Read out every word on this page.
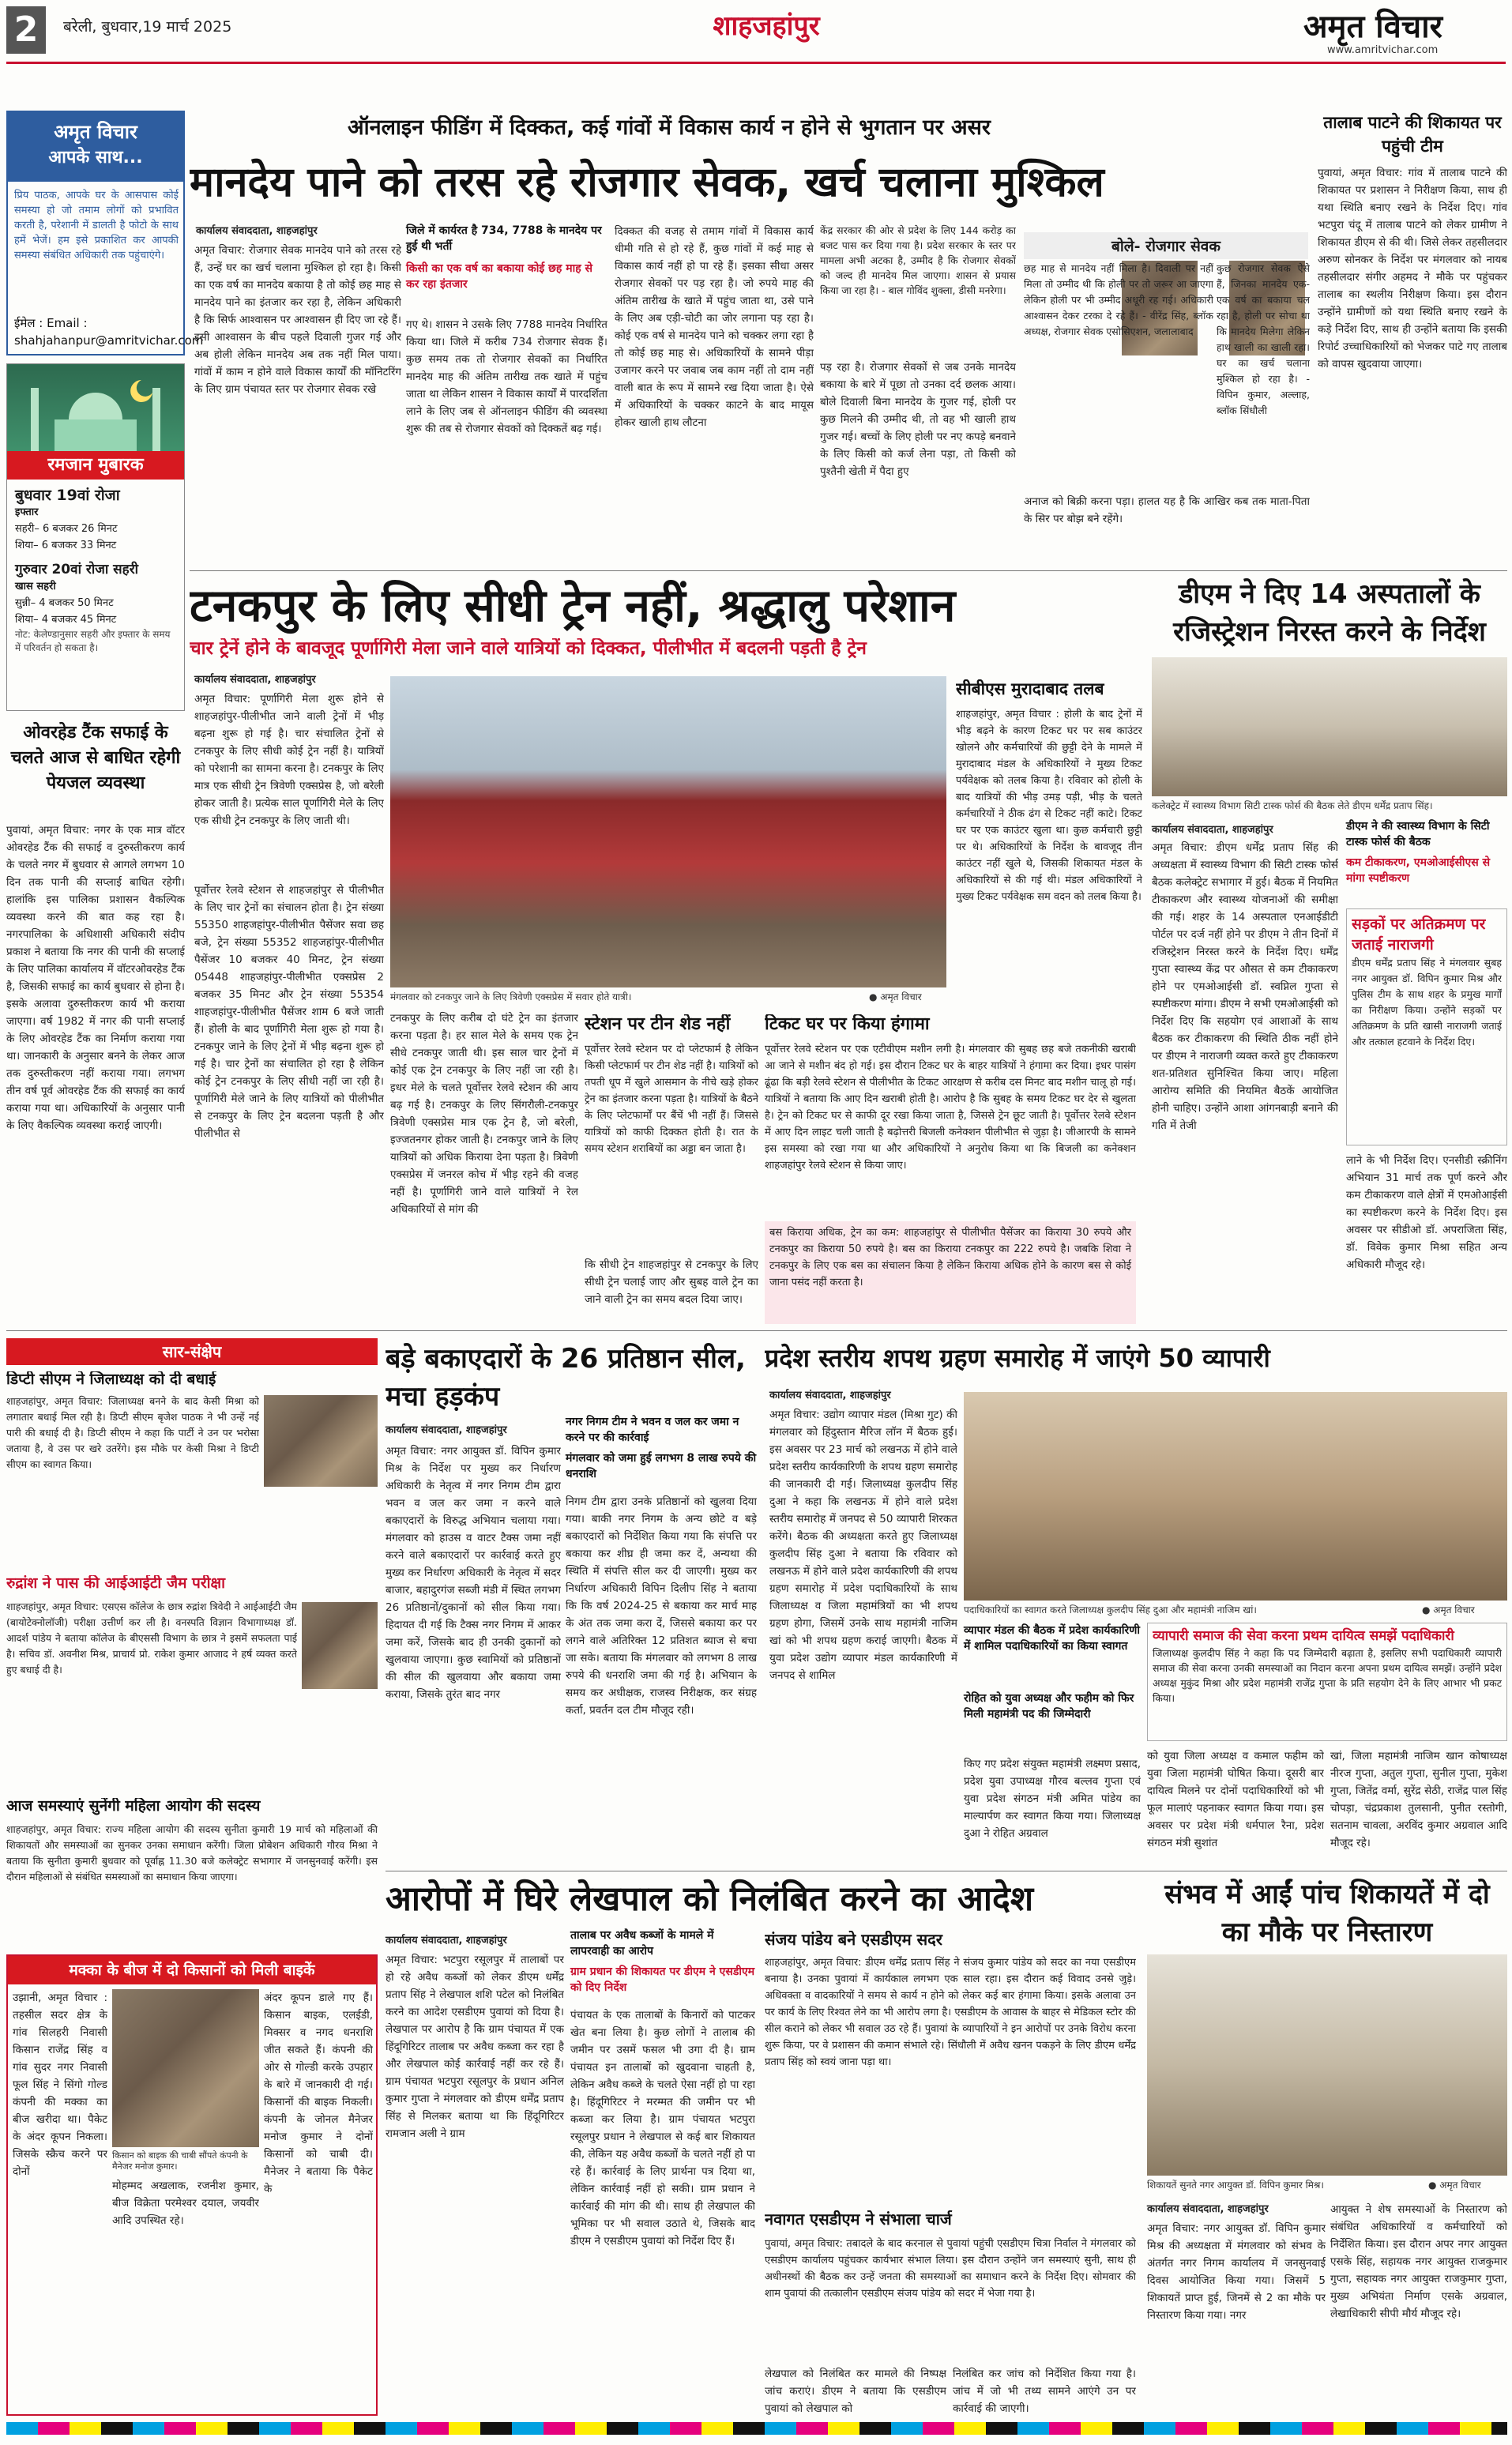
2	बरेली, बुधवार,19 मार्च 2025	शाहजहांपुर	अमृत विचार
www.amritvichar.com
अमृत विचार
आपके साथ...
प्रिय पाठक, आपके घर के आसपास कोई समस्या हो जो तमाम लोगों को प्रभावित करती है, परेशानी में डालती है फोटो के साथ हमें भेजें। हम इसे प्रकाशित कर आपकी समस्या संबंधित अधिकारी तक पहुंचाएंगे।
ईमेल : Email : shahjahanpur@amritvichar.com
रमजान मुबारक
बुधवार 19वां रोजा
इफ्तार
सहरी– 6 बजकर 26 मिनट
शिया– 6 बजकर 33 मिनट
गुरुवार 20वां रोजा सहरी
खास सहरी
सुन्नी– 4 बजकर 50 मिनट
शिया– 4 बजकर 45 मिनट
नोट: केलेण्डानुसार सहरी और इफ्तार के समय में परिवर्तन हो सकता है।
ऑनलाइन फीडिंग में दिक्कत, कई गांवों में विकास कार्य न होने से भुगतान पर असर
मानदेय पाने को तरस रहे रोजगार सेवक, खर्च चलाना मुश्किल
कार्यालय संवाददाता, शाहजहांपुर
अमृत विचार: रोजगार सेवक मानदेय पाने को तरस रहे हैं, उन्हें घर का खर्च चलाना मुश्किल हो रहा है। किसी का एक वर्ष का मानदेय बकाया है तो कोई छह माह से मानदेय पाने का इंतजार कर रहा है, लेकिन अधिकारी है कि सिर्फ आश्वासन पर आश्वासन ही दिए जा रहे हैं। इसी आश्वासन के बीच पहले दिवाली गुजर गई और अब होली लेकिन मानदेय अब तक नहीं मिल पाया। गांवों में काम न होने वाले विकास कार्यों की मॉनिटरिंग के लिए ग्राम पंचायत स्तर पर रोजगार सेवक रखे
जिले में कार्यरत है 734, 7788 के मानदेय पर हुई थी भर्ती
किसी का एक वर्ष का बकाया कोई छह माह से कर रहा इंतजार
गए थे। शासन ने उसके लिए 7788 मानदेय निर्धारित किया था। जिले में करीब 734 रोजगार सेवक हैं। कुछ समय तक तो रोजगार सेवकों का निर्धारित मानदेय माह की अंतिम तारीख तक खाते में पहुंच जाता था लेकिन शासन ने विकास कार्यों में पारदर्शिता लाने के लिए जब से ऑनलाइन फीडिंग की व्यवस्था शुरू की तब से रोजगार सेवकों को दिक्कतें बढ़ गई।
दिक्कत की वजह से तमाम गांवों में विकास कार्य धीमी गति से हो रहे हैं, कुछ गांवों में कई माह से विकास कार्य नहीं हो पा रहे हैं। इसका सीधा असर रोजगार सेवकों पर पड़ रहा है। जो रुपये माह की अंतिम तारीख के खाते में पहुंच जाता था, उसे पाने के लिए अब एड़ी-चोटी का जोर लगाना पड़ रहा है। कोई एक वर्ष से मानदेय पाने को चक्कर लगा रहा है तो कोई छह माह से। अधिकारियों के सामने पीड़ा उजागर करने पर जवाब जब काम नहीं तो दाम नहीं वाली बात के रूप में सामने रख दिया जाता है। ऐसे में अधिकारियों के चक्कर काटने के बाद मायूस होकर खाली हाथ लौटना
केंद्र सरकार की ओर से प्रदेश के लिए 144 करोड़ का बजट पास कर दिया गया है। प्रदेश सरकार के स्तर पर मामला अभी अटका है, उम्मीद है कि रोजगार सेवकों को जल्द ही मानदेय मिल जाएगा। शासन से प्रयास किया जा रहा है। - बाल गोविंद शुक्ला, डीसी मनरेगा।
पड़ रहा है। रोजगार सेवकों से जब उनके मानदेय बकाया के बारे में पूछा तो उनका दर्द छलक आया। बोले दिवाली बिना मानदेय के गुजर गई, होली पर कुछ मिलने की उम्मीद थी, तो वह भी खाली हाथ गुजर गई। बच्चों के लिए होली पर नए कपड़े बनवाने के लिए किसी को कर्ज लेना पड़ा, तो किसी को पुश्तैनी खेती में पैदा हुए
बोले- रोजगार सेवक
छह माह से मानदेय नहीं मिला है। दिवाली पर नहीं मिला तो उम्मीद थी कि होली पर तो जरूर आ जाएगा लेकिन होली पर भी उम्मीद अधूरी रह गई। अधिकारी आश्वासन देकर टरका दे रहे हैं। - वीरेंद्र सिंह, ब्लॉक अध्यक्ष, रोजगार सेवक एसोसिएशन, जलालाबाद
कुछ रोजगार सेवक ऐसे हैं, जिनका मानदेय एक-एक वर्ष का बकाया चल रहा है, होली पर सोचा था कि मानदेय मिलेगा लेकिन हाथ खाली का खाली रहा। घर का खर्च चलाना मुश्किल हो रहा है। - विपिन कुमार, अल्लाह, ब्लॉक सिंधौली
अनाज को बिक्री करना पड़ा। हालत यह है कि आखिर कब तक माता-पिता के सिर पर बोझ बने रहेंगे।
तालाब पाटने की शिकायत पर पहुंची टीम
पुवायां, अमृत विचार: गांव में तालाब पाटने की शिकायत पर प्रशासन ने निरीक्षण किया, साथ ही यथा स्थिति बनाए रखने के निर्देश दिए। गांव भटपुरा चंदू में तालाब पाटने को लेकर ग्रामीण ने शिकायत डीएम से की थी। जिसे लेकर तहसीलदार अरुण सोनकर के निर्देश पर मंगलवार को नायब तहसीलदार संगीर अहमद ने मौके पर पहुंचकर तालाब का स्थलीय निरीक्षण किया। इस दौरान उन्होंने ग्रामीणों को यथा स्थिति बनाए रखने के कड़े निर्देश दिए, साथ ही उन्होंने बताया कि इसकी रिपोर्ट उच्चाधिकारियों को भेजकर पाटे गए तालाब को वापस खुदवाया जाएगा।
टनकपुर के लिए सीधी ट्रेन नहीं, श्रद्धालु परेशान
चार ट्रेनें होने के बावजूद पूर्णागिरी मेला जाने वाले यात्रियों को दिक्कत, पीलीभीत में बदलनी पड़ती है ट्रेन
कार्यालय संवाददाता, शाहजहांपुर
अमृत विचार: पूर्णागिरी मेला शुरू होने से शाहजहांपुर-पीलीभीत जाने वाली ट्रेनों में भीड़ बढ़ना शुरू हो गई है। चार संचालित ट्रेनों से टनकपुर के लिए सीधी कोई ट्रेन नहीं है। यात्रियों को परेशानी का सामना करना है। टनकपुर के लिए मात्र एक सीधी ट्रेन त्रिवेणी एक्सप्रेस है, जो बरेली होकर जाती है। प्रत्येक साल पूर्णागिरी मेले के लिए एक सीधी ट्रेन टनकपुर के लिए जाती थी।
पूर्वोत्तर रेलवे स्टेशन से शाहजहांपुर से पीलीभीत के लिए चार ट्रेनों का संचालन होता है। ट्रेन संख्या 55350 शाहजहांपुर-पीलीभीत पैसेंजर सवा छह बजे, ट्रेन संख्या 55352 शाहजहांपुर-पीलीभीत पैसेंजर 10 बजकर 40 मिनट, ट्रेन संख्या 05448 शाहजहांपुर-पीलीभीत एक्सप्रेस 2 बजकर 35 मिनट और ट्रेन संख्या 55354 शाहजहांपुर-पीलीभीत पैसेंजर शाम 6 बजे जाती हैं। होली के बाद पूर्णागिरी मेला शुरू हो गया है। टनकपुर जाने के लिए ट्रेनों में भीड़ बढ़ना शुरू हो गई है। चार ट्रेनों का संचालित हो रहा है लेकिन कोई ट्रेन टनकपुर के लिए सीधी नहीं जा रही है। पूर्णागिरी मेले जाने के लिए यात्रियों को पीलीभीत से टनकपुर के लिए ट्रेन बदलना पड़ती है और पीलीभीत से
मंगलवार को टनकपुर जाने के लिए त्रिवेणी एक्सप्रेस में सवार होते यात्री।	● अमृत विचार
टनकपुर के लिए करीब दो घंटे ट्रेन का इंतजार करना पड़ता है। हर साल मेले के समय एक ट्रेन सीधे टनकपुर जाती थी। इस साल चार ट्रेनों में कोई एक ट्रेन टनकपुर के लिए नहीं जा रही है। इधर मेले के चलते पूर्वोत्तर रेलवे स्टेशन की आय बढ़ गई है। टनकपुर के लिए सिंगरौली-टनकपुर त्रिवेणी एक्सप्रेस मात्र एक ट्रेन है, जो बरेली, इज्जतनगर होकर जाती है। टनकपुर जाने के लिए यात्रियों को अधिक किराया देना पड़ता है। त्रिवेणी एक्सप्रेस में जनरल कोच में भीड़ रहने की वजह नहीं है। पूर्णागिरी जाने वाले यात्रियों ने रेल अधिकारियों से मांग की
स्टेशन पर टीन शेड नहीं
पूर्वोत्तर रेलवे स्टेशन पर दो प्लेटफार्म है लेकिन किसी प्लेटफार्म पर टीन शेड नहीं है। यात्रियों को तपती धूप में खुले आसमान के नीचे खड़े होकर ट्रेन का इंतजार करना पड़ता है। यात्रियों के बैठने के लिए प्लेटफार्मों पर बैंचें भी नहीं हैं। जिससे यात्रियों को काफी दिक्कत होती है। रात के समय स्टेशन शराबियों का अड्डा बन जाता है।
टिकट घर पर किया हंगामा
पूर्वोत्तर रेलवे स्टेशन पर एक एटीवीएम मशीन लगी है। मंगलवार की सुबह छह बजे तकनीकी खराबी आ जाने से मशीन बंद हो गई। इस दौरान टिकट घर के बाहर यात्रियों ने हंगामा कर दिया। इधर पासंग ढूंढा कि बड़ी रेलवे स्टेशन से पीलीभीत के टिकट आरक्षण से करीब दस मिनट बाद मशीन चालू हो गई। यात्रियों ने बताया कि आए दिन खराबी होती है। आरोप है कि सुबह के समय टिकट घर देर से खुलता है। ट्रेन को टिकट घर से काफी दूर रखा किया जाता है, जिससे ट्रेन छूट जाती है। पूर्वोत्तर रेलवे स्टेशन में आए दिन लाइट चली जाती है बढ़ोत्तरी बिजली कनेक्शन पीलीभीत से जुड़ा है। जीआरपी के सामने इस समस्या को रखा गया था और अधिकारियों ने अनुरोध किया था कि बिजली का कनेक्शन शाहजहांपुर रेलवे स्टेशन से किया जाए।
बस किराया अधिक, ट्रेन का कम: शाहजहांपुर से पीलीभीत पैसेंजर का किराया 30 रुपये और टनकपुर का किराया 50 रुपये है। बस का किराया टनकपुर का 222 रुपये है। जबकि शिवा ने टनकपुर के लिए एक बस का संचालन किया है लेकिन किराया अधिक होने के कारण बस से कोई जाना पसंद नहीं करता है।
कि सीधी ट्रेन शाहजहांपुर से टनकपुर के लिए सीधी ट्रेन चलाई जाए और सुबह वाले ट्रेन का जाने वाली ट्रेन का समय बदल दिया जाए।
सीबीएस मुरादाबाद तलब
शाहजहांपुर, अमृत विचार : होली के बाद ट्रेनों में भीड़ बढ़ने के कारण टिकट घर पर सब काउंटर खोलने और कर्मचारियों की छुट्टी देने के मामले में मुरादाबाद मंडल के अधिकारियों ने मुख्य टिकट पर्यवेक्षक को तलब किया है। रविवार को होली के बाद यात्रियों की भीड़ उमड़ पड़ी, भीड़ के चलते कर्मचारियों ने ठीक ढंग से टिकट नहीं काटे। टिकट घर पर एक काउंटर खुला था। कुछ कर्मचारी छुट्टी पर थे। अधिकारियों के निर्देश के बावजूद तीन काउंटर नहीं खुले थे, जिसकी शिकायत मंडल के अधिकारियों से की गई थी। मंडल अधिकारियों ने मुख्य टिकट पर्यवेक्षक सम वदन को तलब किया है।
डीएम ने दिए 14 अस्पतालों के रजिस्ट्रेशन निरस्त करने के निर्देश
कलेक्ट्रेट में स्वास्थ्य विभाग सिटी टास्क फोर्स की बैठक लेते डीएम धर्मेंद्र प्रताप सिंह।
कार्यालय संवाददाता, शाहजहांपुर	डीएम ने की स्वास्थ्य विभाग के सिटी टास्क फोर्स की बैठक
कम टीकाकरण, एमओआईसीएस से मांगा स्पष्टीकरण
अमृत विचार: डीएम धर्मेंद्र प्रताप सिंह की अध्यक्षता में स्वास्थ्य विभाग की सिटी टास्क फोर्स बैठक कलेक्ट्रेट सभागार में हुई। बैठक में नियमित टीकाकरण और स्वास्थ्य योजनाओं की समीक्षा की गई। शहर के 14 अस्पताल एनआईडीटी पोर्टल पर दर्ज नहीं होने पर डीएम ने तीन दिनों में रजिस्ट्रेशन निरस्त करने के निर्देश दिए। धर्मेंद्र गुप्ता स्वास्थ्य केंद्र पर औसत से कम टीकाकरण होने पर एमओआईसी डॉ. स्वप्निल गुप्ता से स्पष्टीकरण मांगा। डीएम ने सभी एमओआईसी को निर्देश दिए कि सहयोग एवं आशाओं के साथ बैठक कर टीकाकरण की स्थिति ठीक नहीं होने पर डीएम ने नाराजगी व्यक्त करते हुए टीकाकरण शत-प्रतिशत सुनिश्चित किया जाए। महिला आरोग्य समिति की नियमित बैठकें आयोजित होनी चाहिए। उन्होंने आशा आंगनबाड़ी बनाने की गति में तेजी
सड़कों पर अतिक्रमण पर जताई नाराजगी
डीएम धर्मेंद्र प्रताप सिंह ने मंगलवार सुबह नगर आयुक्त डॉ. विपिन कुमार मिश्र और पुलिस टीम के साथ शहर के प्रमुख मार्गों का निरीक्षण किया। उन्होंने सड़कों पर अतिक्रमण के प्रति खासी नाराजगी जताई और तत्काल हटवाने के निर्देश दिए।
लाने के भी निर्देश दिए। एनसीडी स्क्रीनिंग अभियान 31 मार्च तक पूर्ण करने और कम टीकाकरण वाले क्षेत्रों में एमओआईसी का स्पष्टीकरण करने के निर्देश दिए। इस अवसर पर सीडीओ डॉ. अपराजिता सिंह, डॉ. विवेक कुमार मिश्रा सहित अन्य अधिकारी मौजूद रहे।
ओवरहेड टैंक सफाई के चलते आज से बाधित रहेगी पेयजल व्यवस्था
पुवायां, अमृत विचार: नगर के एक मात्र वॉटर ओवरहेड टैंक की सफाई व दुरुस्तीकरण कार्य के चलते नगर में बुधवार से आगले लगभग 10 दिन तक पानी की सप्लाई बाधित रहेगी। हालांकि इस पालिका प्रशासन वैकल्पिक व्यवस्था करने की बात कह रहा है। नगरपालिका के अधिशासी अधिकारी संदीप प्रकाश ने बताया कि नगर की पानी की सप्लाई के लिए पालिका कार्यालय में वॉटरओवरहेड टैंक है, जिसकी सफाई का कार्य बुधवार से होना है। इसके अलावा दुरुस्तीकरण कार्य भी कराया जाएगा। वर्ष 1982 में नगर की पानी सप्लाई के लिए ओवरहेड टैंक का निर्माण कराया गया था। जानकारी के अनुसार बनने के लेकर आज तक दुरुस्तीकरण नहीं कराया गया। लगभग तीन वर्ष पूर्व ओवरहेड टैंक की सफाई का कार्य कराया गया था। अधिकारियों के अनुसार पानी के लिए वैकल्पिक व्यवस्था कराई जाएगी।
सार-संक्षेप
डिप्टी सीएम ने जिलाध्यक्ष को दी बधाई
शाहजहांपुर, अमृत विचार: जिलाध्यक्ष बनने के बाद केसी मिश्रा को लगातार बधाई मिल रही है। डिप्टी सीएम बृजेश पाठक ने भी उन्हें नई पारी की बधाई दी है। डिप्टी सीएम ने कहा कि पार्टी ने उन पर भरोसा जताया है, वे उस पर खरे उतरेंगे। इस मौके पर केसी मिश्रा ने डिप्टी सीएम का स्वागत किया।
रुद्रांश ने पास की आईआईटी जैम परीक्षा
शाहजहांपुर, अमृत विचार: एसएस कॉलेज के छात्र रुद्रांश त्रिवेदी ने आईआईटी जैम (बायोटेक्नोलॉजी) परीक्षा उत्तीर्ण कर ली है। वनस्पति विज्ञान विभागाध्यक्ष डॉ. आदर्श पांडेय ने बताया कॉलेज के बीएससी विभाग के छात्र ने इसमें सफलता पाई है। सचिव डॉ. अवनीश मिश्र, प्राचार्य प्रो. राकेश कुमार आजाद ने हर्ष व्यक्त करते हुए बधाई दी है।
आज समस्याएं सुनेंगी महिला आयोग की सदस्य
शाहजहांपुर, अमृत विचार: राज्य महिला आयोग की सदस्य सुनीता कुमारी 19 मार्च को महिलाओं की शिकायतों और समस्याओं का सुनकर उनका समाधान करेंगी। जिला प्रोबेशन अधिकारी गौरव मिश्रा ने बताया कि सुनीता कुमारी बुधवार को पूर्वाह्न 11.30 बजे कलेक्ट्रेट सभागार में जनसुनवाई करेंगी। इस दौरान महिलाओं से संबंधित समस्याओं का समाधान किया जाएगा।
मक्का के बीज में दो किसानों को मिली बाइकें
उझानी, अमृत विचार : तहसील सदर क्षेत्र के गांव सिलहरी निवासी किसान राजेंद्र सिंह व गांव सुदर नगर निवासी फूल सिंह ने सिंगो गोल्ड कंपनी की मक्का का बीज खरीदा था। पैकेट के अंदर कूपन निकला। जिसके स्क्रैच करने पर दोनों
किसान को बाइक की चाबी सौंपते कंपनी के मैनेजर मनोज कुमार।
अंदर कूपन डाले गए हैं। किसान बाइक, एलईडी, मिक्सर व नगद धनराशि जीत सकते हैं। कंपनी की ओर से गोल्डी करके उपहार के बारे में जानकारी दी गई। किसानों की बाइक निकली। कंपनी के जोनल मैनेजर मनोज कुमार ने दोनों किसानों को चाबी दी। मैनेजर ने बताया कि पैकेट के
मोहम्मद अखलाक, रजनीश कुमार, बीज विक्रेता परमेश्वर दयाल, जयवीर आदि उपस्थित रहे।
बड़े बकाएदारों के 26 प्रतिष्ठान सील, मचा हड़कंप
कार्यालय संवाददाता, शाहजहांपुर
नगर निगम टीम ने भवन व जल कर जमा न करने पर की कार्रवाई
मंगलवार को जमा हुई लगभग 8 लाख रुपये की धनराशि
अमृत विचार: नगर आयुक्त डॉ. विपिन कुमार मिश्र के निर्देश पर मुख्य कर निर्धारण अधिकारी के नेतृत्व में नगर निगम टीम द्वारा भवन व जल कर जमा न करने वाले बकाएदारों के विरुद्ध अभियान चलाया गया। मंगलवार को हाउस व वाटर टैक्स जमा नहीं करने वाले बकाएदारों पर कार्रवाई करते हुए मुख्य कर निर्धारण अधिकारी के नेतृत्व में सदर बाजार, बहादुरगंज सब्जी मंडी में स्थित लगभग 26 प्रतिष्ठानों/दुकानों को सील किया गया। हिदायत दी गई कि टैक्स नगर निगम में आकर जमा करें, जिसके बाद ही उनकी दुकानों को खुलवाया जाएगा। कुछ स्वामियों को प्रतिष्ठानों की सील की खुलवाया और बकाया जमा कराया, जिसके तुरंत बाद नगर
निगम टीम द्वारा उनके प्रतिष्ठानों को खुलवा दिया गया। बाकी नगर निगम के अन्य छोटे व बड़े बकाएदारों को निर्देशित किया गया कि संपत्ति पर बकाया कर शीघ्र ही जमा कर दें, अन्यथा की स्थिति में संपत्ति सील कर दी जाएगी। मुख्य कर निर्धारण अधिकारी विपिन दिलीप सिंह ने बताया कि कि वर्ष 2024-25 से बकाया कर मार्च माह के अंत तक जमा करा दें, जिससे बकाया कर पर लगने वाले अतिरिक्त 12 प्रतिशत ब्याज से बचा जा सके। बताया कि मंगलवार को लगभग 8 लाख रुपये की धनराशि जमा की गई है। अभियान के समय कर अधीक्षक, राजस्व निरीक्षक, कर संग्रह कर्ता, प्रवर्तन दल टीम मौजूद रही।
प्रदेश स्तरीय शपथ ग्रहण समारोह में जाएंगे 50 व्यापारी
कार्यालय संवाददाता, शाहजहांपुर
अमृत विचार: उद्योग व्यापार मंडल (मिश्रा गुट) की मंगलवार को हिंदुस्तान मैरिज लॉन में बैठक हुई। इस अवसर पर 23 मार्च को लखनऊ में होने वाले प्रदेश स्तरीय कार्यकारिणी के शपथ ग्रहण समारोह की जानकारी दी गई। जिलाध्यक्ष कुलदीप सिंह दुआ ने कहा कि लखनऊ में होने वाले प्रदेश स्तरीय समारोह में जनपद से 50 व्यापारी शिरकत करेंगे। बैठक की अध्यक्षता करते हुए जिलाध्यक्ष कुलदीप सिंह दुआ ने बताया कि रविवार को लखनऊ में होने वाले प्रदेश कार्यकारिणी की शपथ ग्रहण समारोह में प्रदेश पदाधिकारियों के साथ जिलाध्यक्ष व जिला महामंत्रियों का भी शपथ ग्रहण होगा, जिसमें उनके साथ महामंत्री नाजिम खां को भी शपथ ग्रहण कराई जाएगी। बैठक में युवा प्रदेश उद्योग व्यापार मंडल कार्यकारिणी में जनपद से शामिल
पदाधिकारियों का स्वागत करते जिलाध्यक्ष कुलदीप सिंह दुआ और महामंत्री नाजिम खां।	● अमृत विचार
व्यापार मंडल की बैठक में प्रदेश कार्यकारिणी में शामिल पदाधिकारियों का किया स्वागत
रोहित को युवा अध्यक्ष और फहीम को फिर मिली महामंत्री पद की जिम्मेदारी
किए गए प्रदेश संयुक्त महामंत्री लक्ष्मण प्रसाद, प्रदेश युवा उपाध्यक्ष गौरव बल्लव गुप्ता एवं युवा प्रदेश संगठन मंत्री अमित पांडेय का माल्यार्पण कर स्वागत किया गया। जिलाध्यक्ष दुआ ने रोहित अग्रवाल
व्यापारी समाज की सेवा करना प्रथम दायित्व समझें पदाधिकारी
जिलाध्यक्ष कुलदीप सिंह ने कहा कि पद जिम्मेदारी बढ़ाता है, इसलिए सभी पदाधिकारी व्यापारी समाज की सेवा करना उनकी समस्याओं का निदान करना अपना प्रथम दायित्व समझें। उन्होंने प्रदेश अध्यक्ष मुकुंद मिश्रा और प्रदेश महामंत्री राजेंद्र गुप्ता के प्रति सहयोग देने के लिए आभार भी प्रकट किया।
को युवा जिला अध्यक्ष व कमाल फहीम को युवा जिला महामंत्री घोषित किया। दूसरी बार दायित्व मिलने पर दोनों पदाधिकारियों को भी फूल मालाएं पहनाकर स्वागत किया गया। इस अवसर पर प्रदेश मंत्री धर्मपाल रैना, प्रदेश संगठन मंत्री सुशांत
खां, जिला महामंत्री नाजिम खान कोषाध्यक्ष नीरज गुप्ता, अतुल गुप्ता, सुनील गुप्ता, मुकेश गुप्ता, जितेंद्र वर्मा, सुरेंद्र सेठी, राजेंद्र पाल सिंह चोपड़ा, चंद्रप्रकाश तुलसानी, पुनीत रस्तोगी, सतनाम चावला, अरविंद कुमार अग्रवाल आदि मौजूद रहे।
आरोपों में घिरे लेखपाल को निलंबित करने का आदेश
कार्यालय संवाददाता, शाहजहांपुर	तालाब पर अवैध कब्जों के मामले में लापरवाही का आरोप
ग्राम प्रधान की शिकायत पर डीएम ने एसडीएम को दिए निर्देश
अमृत विचार: भटपुरा रसूलपुर में तालाबों पर हो रहे अवैध कब्जों को लेकर डीएम धर्मेंद्र प्रताप सिंह ने लेखपाल शशि पटेल को निलंबित करने का आदेश एसडीएम पुवायां को दिया है। लेखपाल पर आरोप है कि ग्राम पंचायत में एक हिंदूगिरिटर तालाब पर अवैध कब्जा कर रहा है और लेखपाल कोई कार्रवाई नहीं कर रहे हैं। ग्राम पंचायत भटपुरा रसूलपुर के प्रधान अनिल कुमार गुप्ता ने मंगलवार को डीएम धर्मेंद्र प्रताप सिंह से मिलकर बताया था कि हिंदूगिरिटर रामजान अली ने ग्राम
पंचायत के एक तालाबों के किनारों को पाटकर खेत बना लिया है। कुछ लोगों ने तालाब की जमीन पर उसमें फसल भी उगा दी है। ग्राम पंचायत इन तालाबों को खुदवाना चाहती है, लेकिन अवैध कब्जे के चलते ऐसा नहीं हो पा रहा है। हिंदूगिरिटर ने मरम्मत की जमीन पर भी कब्जा कर लिया है। ग्राम पंचायत भटपुरा रसूलपुर प्रधान ने लेखपाल से कई बार शिकायत की, लेकिन यह अवैध कब्जों के चलते नहीं हो पा रहे हैं। कार्रवाई के लिए प्रार्थना पत्र दिया था, लेकिन कार्रवाई नहीं हो सकी। ग्राम प्रधान ने कार्रवाई की मांग की थी। साथ ही लेखपाल की भूमिका पर भी सवाल उठाते थे, जिसके बाद डीएम ने एसडीएम पुवायां को निर्देश दिए हैं।
संजय पांडेय बने एसडीएम सदर
शाहजहांपुर, अमृत विचार: डीएम धर्मेंद्र प्रताप सिंह ने संजय कुमार पांडेय को सदर का नया एसडीएम बनाया है। उनका पुवायां में कार्यकाल लगभग एक साल रहा। इस दौरान कई विवाद उनसे जुड़े। अधिवक्ता व वादकारियों ने समय से कार्य न होने को लेकर कई बार हंगामा किया। इसके अलावा उन पर कार्य के लिए रिश्वत लेने का भी आरोप लगा है। एसडीएम के आवास के बाहर से मेडिकल स्टोर की सील कराने को लेकर भी सवाल उठ रहे हैं। पुवायां के व्यापारियों ने इन आरोपों पर उनके विरोध करना शुरू किया, पर वे प्रशासन की कमान संभाले रहे। सिंधौली में अवैध खनन पकड़ने के लिए डीएम धर्मेंद्र प्रताप सिंह को स्वयं जाना पड़ा था।
नवागत एसडीएम ने संभाला चार्ज
पुवायां, अमृत विचार: तबादले के बाद करनाल से पुवायां पहुंची एसडीएम चित्रा निर्वाल ने मंगलवार को एसडीएम कार्यालय पहुंचकर कार्यभार संभाल लिया। इस दौरान उन्होंने जन समस्याएं सुनी, साथ ही अधीनस्थों की बैठक कर उन्हें जनता की समस्याओं का समाधान करने के निर्देश दिए। सोमवार की शाम पुवायां की तत्कालीन एसडीएम संजय पांडेय को सदर में भेजा गया है।
लेखपाल को निलंबित कर मामले की निष्पक्ष जांच कराएं। डीएम ने बताया कि एसडीएम पुवायां को लेखपाल को
निलंबित कर जांच को निर्देशित किया गया है। जांच में जो भी तथ्य सामने आएंगे उन पर कार्रवाई की जाएगी।
संभव में आईं पांच शिकायतें में दो का मौके पर निस्तारण
शिकायतें सुनते नगर आयुक्त डॉ. विपिन कुमार मिश्र।	● अमृत विचार
कार्यालय संवाददाता, शाहजहांपुर
अमृत विचार: नगर आयुक्त डॉ. विपिन कुमार मिश्र की अध्यक्षता में मंगलवार को संभव के अंतर्गत नगर निगम कार्यालय में जनसुनवाई दिवस आयोजित किया गया। जिसमें 5 शिकायतें प्राप्त हुई, जिनमें से 2 का मौके पर निस्तारण किया गया। नगर
आयुक्त ने शेष समस्याओं के निस्तारण को संबंधित अधिकारियों व कर्मचारियों को निर्देशित किया। इस दौरान अपर नगर आयुक्त एसके सिंह, सहायक नगर आयुक्त राजकुमार गुप्ता, सहायक नगर आयुक्त राजकुमार गुप्ता, मुख्य अभियंता निर्माण एसके अग्रवाल, लेखाधिकारी सीपी मौर्य मौजूद रहे।
